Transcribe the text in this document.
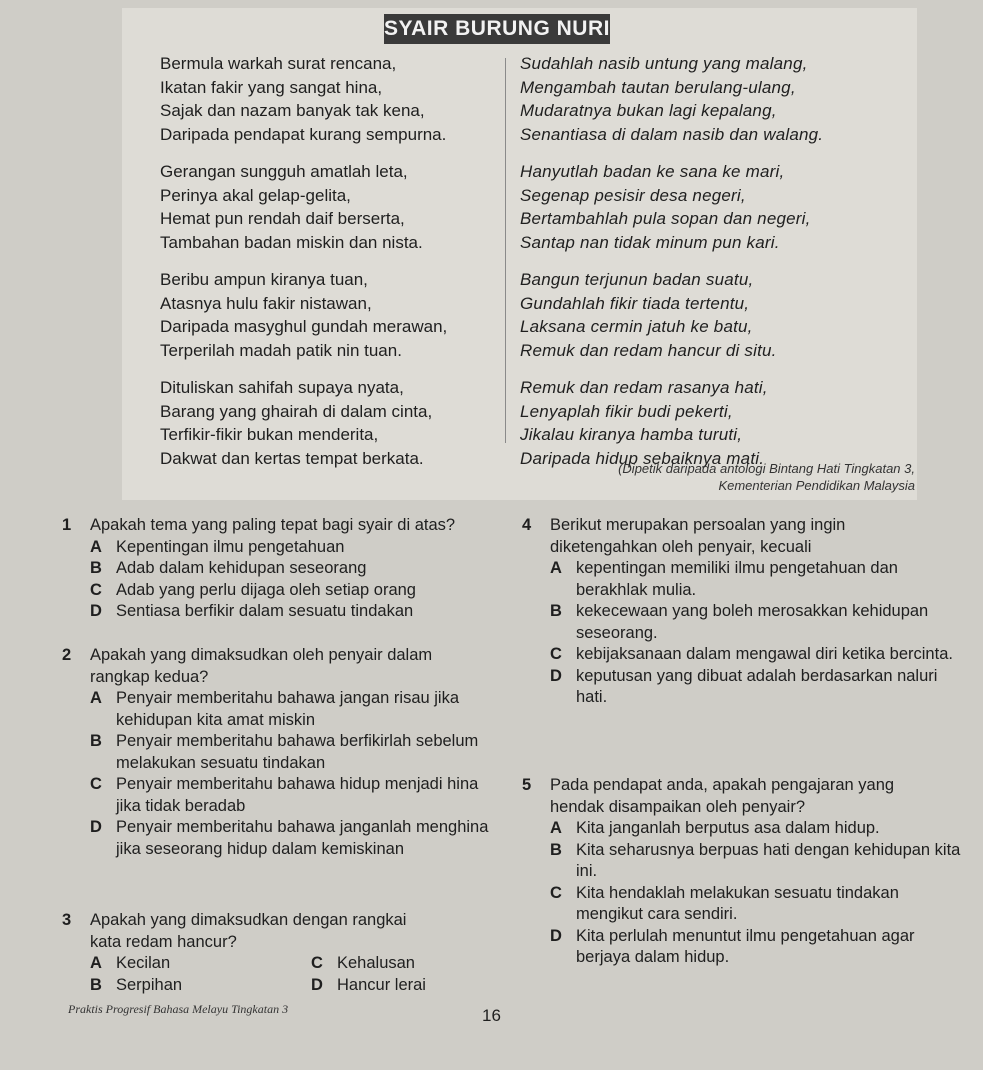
SYAIR BURUNG NURI
Bermula warkah surat rencana,
Ikatan fakir yang sangat hina,
Sajak dan nazam banyak tak kena,
Daripada pendapat kurang sempurna.
Gerangan sungguh amatlah leta,
Perinya akal gelap-gelita,
Hemat pun rendah daif berserta,
Tambahan badan miskin dan nista.
Beribu ampun kiranya tuan,
Atasnya hulu fakir nistawan,
Daripada masyghul gundah merawan,
Terperilah madah patik nin tuan.
Dituliskan sahifah supaya nyata,
Barang yang ghairah di dalam cinta,
Terfikir-fikir bukan menderita,
Dakwat dan kertas tempat berkata.
Sudahlah nasib untung yang malang,
Mengambah tautan berulang-ulang,
Mudaratnya bukan lagi kepalang,
Senantiasa di dalam nasib dan walang.
Hanyutlah badan ke sana ke mari,
Segenap pesisir desa negeri,
Bertambahlah pula sopan dan negeri,
Santap nan tidak minum pun kari.
Bangun terjunun badan suatu,
Gundahlah fikir tiada tertentu,
Laksana cermin jatuh ke batu,
Remuk dan redam hancur di situ.
Remuk dan redam rasanya hati,
Lenyaplah fikir budi pekerti,
Jikalau kiranya hamba turuti,
Daripada hidup sebaiknya mati.
(Dipetik daripada antologi Bintang Hati Tingkatan 3,
Kementerian Pendidikan Malaysia
1 Apakah tema yang paling tepat bagi syair di atas?
A Kepentingan ilmu pengetahuan
B Adab dalam kehidupan seseorang
C Adab yang perlu dijaga oleh setiap orang
D Sentiasa berfikir dalam sesuatu tindakan
2 Apakah yang dimaksudkan oleh penyair dalam
rangkap kedua?
A Penyair memberitahu bahawa jangan risau jika kehidupan kita amat miskin
B Penyair memberitahu bahawa berfikirlah sebelum melakukan sesuatu tindakan
C Penyair memberitahu bahawa hidup menjadi hina jika tidak beradab
D Penyair memberitahu bahawa janganlah menghina jika seseorang hidup dalam kemiskinan
3 Apakah yang dimaksudkan dengan rangkai
kata redam hancur?
A Kecilan	C Kehalusan
B Serpihan	D Hancur lerai
4 Berikut merupakan persoalan yang ingin
diketengahkan oleh penyair, kecuali
A kepentingan memiliki ilmu pengetahuan dan berakhlak mulia.
B kekecewaan yang boleh merosakkan kehidupan seseorang.
C kebijaksanaan dalam mengawal diri ketika bercinta.
D keputusan yang dibuat adalah berdasarkan naluri hati.
5 Pada pendapat anda, apakah pengajaran yang
hendak disampaikan oleh penyair?
A Kita janganlah berputus asa dalam hidup.
B Kita seharusnya berpuas hati dengan kehidupan kita ini.
C Kita hendaklah melakukan sesuatu tindakan mengikut cara sendiri.
D Kita perlulah menuntut ilmu pengetahuan agar berjaya dalam hidup.
Praktis Progresif Bahasa Melayu Tingkatan 3	16
